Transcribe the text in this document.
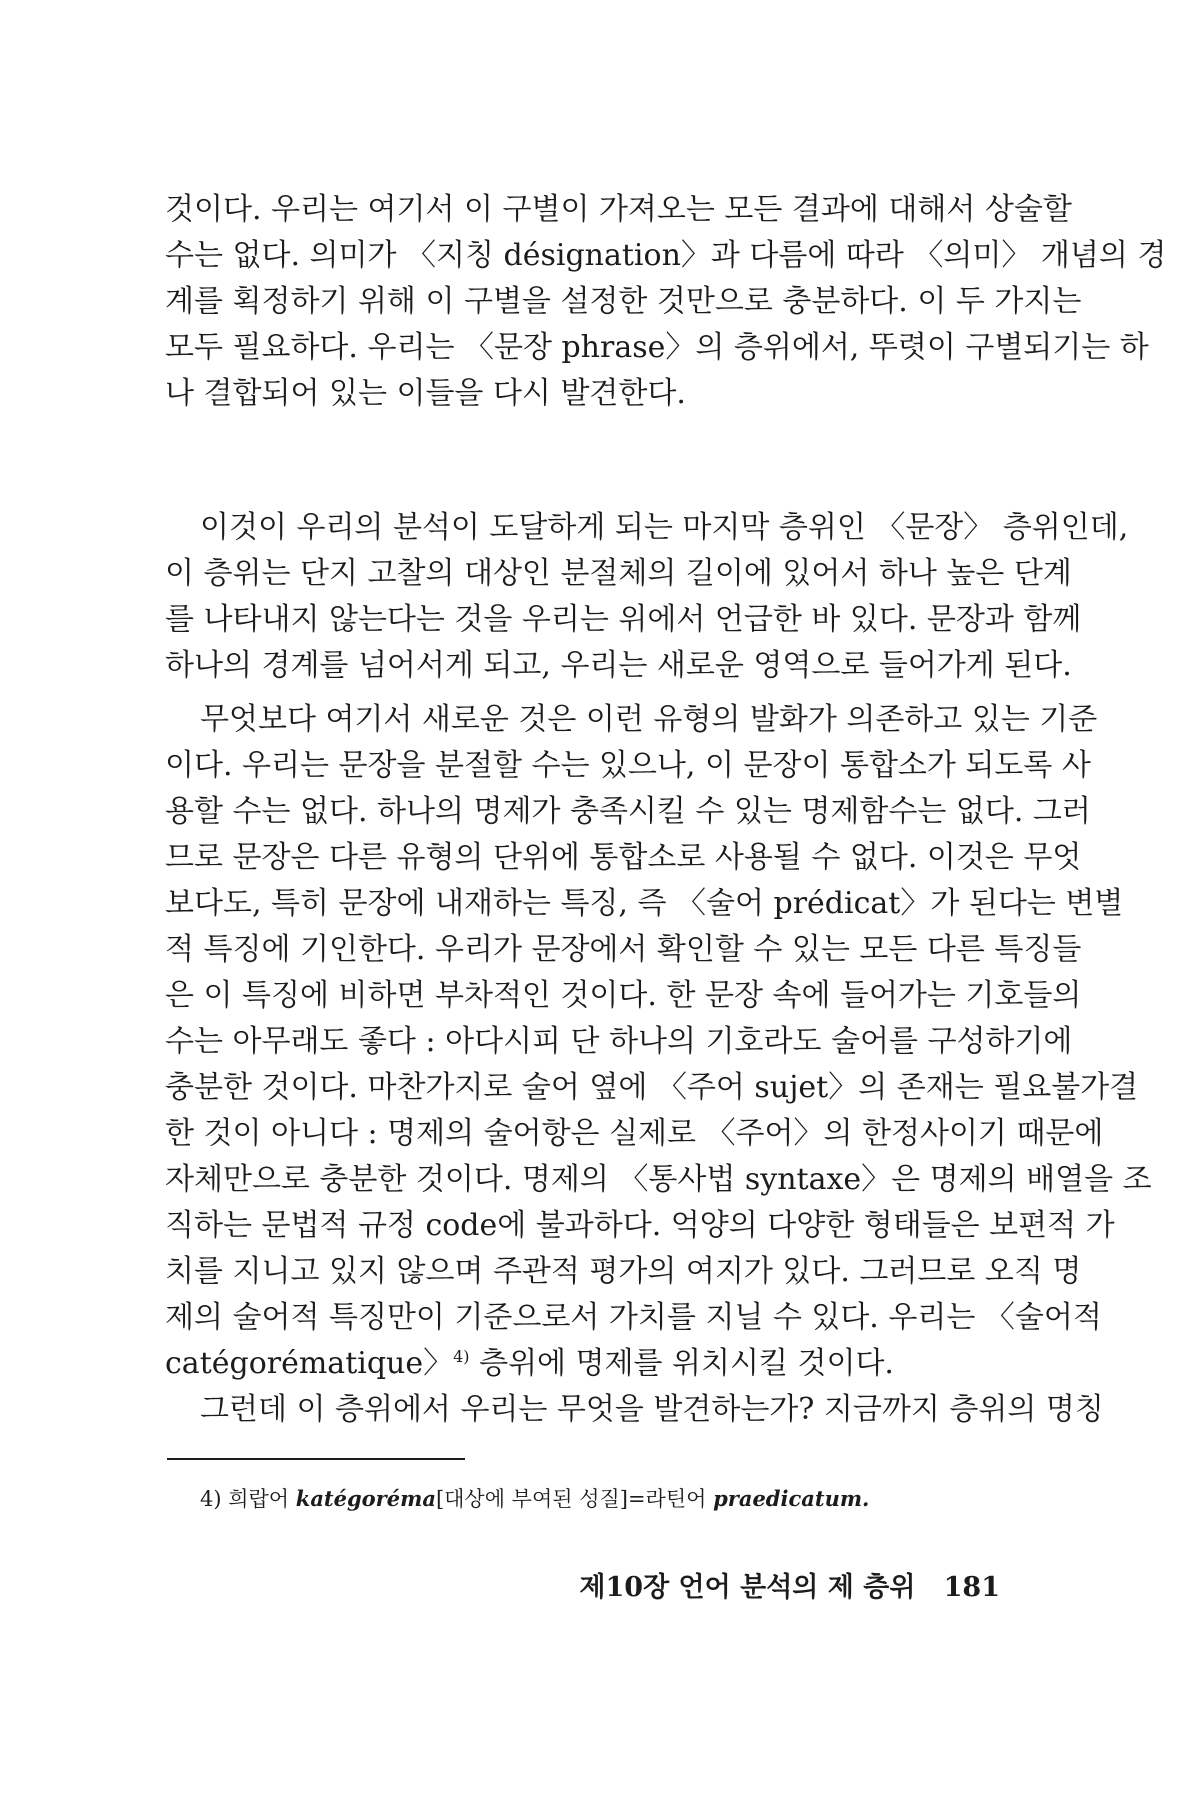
것이다. 우리는 여기서 이 구별이 가져오는 모든 결과에 대해서 상술할
수는 없다. 의미가 〈지칭 désignation〉과 다름에 따라 〈의미〉 개념의 경
계를 획정하기 위해 이 구별을 설정한 것만으로 충분하다. 이 두 가지는
모두 필요하다. 우리는 〈문장 phrase〉의 층위에서, 뚜렷이 구별되기는 하
나 결합되어 있는 이들을 다시 발견한다.
이것이 우리의 분석이 도달하게 되는 마지막 층위인 〈문장〉 층위인데,
이 층위는 단지 고찰의 대상인 분절체의 길이에 있어서 하나 높은 단계
를 나타내지 않는다는 것을 우리는 위에서 언급한 바 있다. 문장과 함께
하나의 경계를 넘어서게 되고, 우리는 새로운 영역으로 들어가게 된다.
무엇보다 여기서 새로운 것은 이런 유형의 발화가 의존하고 있는 기준
이다. 우리는 문장을 분절할 수는 있으나, 이 문장이 통합소가 되도록 사
용할 수는 없다. 하나의 명제가 충족시킬 수 있는 명제함수는 없다. 그러
므로 문장은 다른 유형의 단위에 통합소로 사용될 수 없다. 이것은 무엇
보다도, 특히 문장에 내재하는 특징, 즉 〈술어 prédicat〉가 된다는 변별
적 특징에 기인한다. 우리가 문장에서 확인할 수 있는 모든 다른 특징들
은 이 특징에 비하면 부차적인 것이다. 한 문장 속에 들어가는 기호들의
수는 아무래도 좋다 : 아다시피 단 하나의 기호라도 술어를 구성하기에
충분한 것이다. 마찬가지로 술어 옆에 〈주어 sujet〉의 존재는 필요불가결
한 것이 아니다 : 명제의 술어항은 실제로 〈주어〉의 한정사이기 때문에
자체만으로 충분한 것이다. 명제의 〈통사법 syntaxe〉은 명제의 배열을 조
직하는 문법적 규정 code에 불과하다. 억양의 다양한 형태들은 보편적 가
치를 지니고 있지 않으며 주관적 평가의 여지가 있다. 그러므로 오직 명
제의 술어적 특징만이 기준으로서 가치를 지닐 수 있다. 우리는 〈술어적
catégorématique〉$^{4)}$ 층위에 명제를 위치시킬 것이다.
그런데 이 층위에서 우리는 무엇을 발견하는가? 지금까지 층위의 명칭
4) 희랍어 katégoréma[대상에 부여된 성질]=라틴어 praedicatum.
제10장 언어 분석의 제 층위 181
